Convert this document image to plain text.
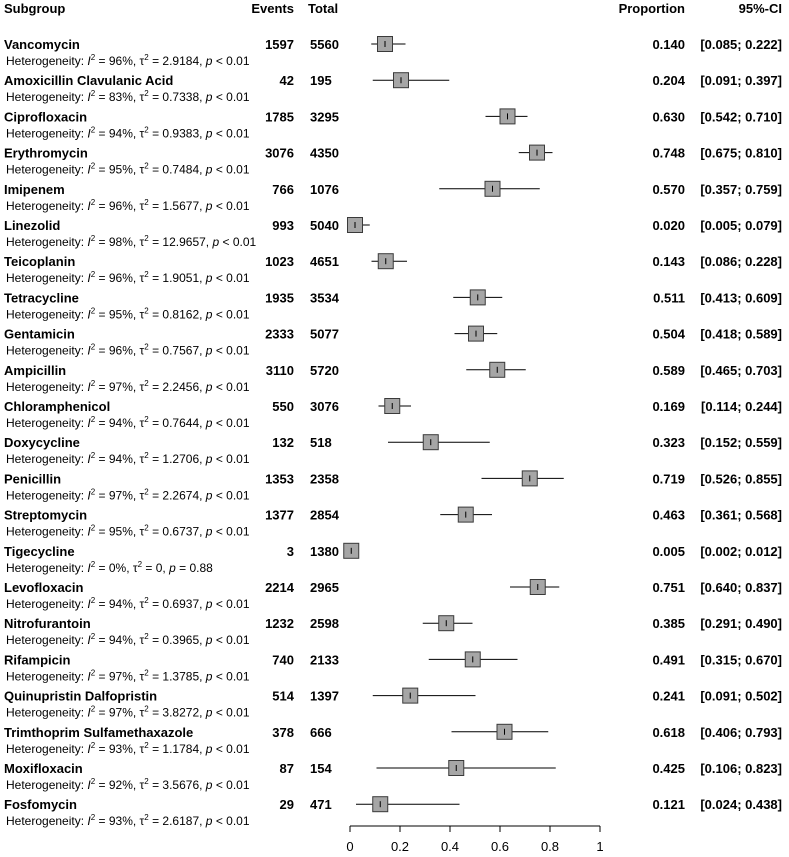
Subgroup	Events Total	Proportion	95%-CI
Vancomycin	1597 5560	0.140 [0.085; 0.222]
Heterogeneity: $I^2 = 96\%$, $\tau^2 = 2.9184$, p < 0.01
Amoxicillin Clavulanic Acid	42 195	0.204 [0.091; 0.397]
Heterogeneity: $I^2 = 83\%$, $\tau^2 = 0.7338$, p < 0.01
Ciprofloxacin	1785 3295	0.630 [0.542; 0.710]
Heterogeneity: $I^2 = 94\%$, $\tau^2 = 0.9383$, p < 0.01
Erythromycin	3076 4350	0.748 [0.675; 0.810]
Heterogeneity: $I^2 = 95\%$, $\tau^2 = 0.7484$, p < 0.01
Imipenem	766 1076	0.570 [0.357; 0.759]
Heterogeneity: $I^2 = 96\%$, $\tau^2 = 1.5677$, p < 0.01
Linezolid	993 5040	0.020 [0.005; 0.079]
Heterogeneity: $I^2 = 98\%$, $\tau^2 = 12.9657$, p < 0.01
Teicoplanin	1023 4651	0.143 [0.086; 0.228]
Heterogeneity: $I^2 = 96\%$, $\tau^2 = 1.9051$, p < 0.01
Tetracycline	1935 3534	0.511 [0.413; 0.609]
Heterogeneity: $I^2 = 95\%$, $\tau^2 = 0.8162$, p < 0.01
Gentamicin	2333 5077	0.504 [0.418; 0.589]
Heterogeneity: $I^2 = 96\%$, $\tau^2 = 0.7567$, p < 0.01
Ampicillin	3110 5720	0.589 [0.465; 0.703]
Heterogeneity: $I^2 = 97\%$, $\tau^2 = 2.2456$, p < 0.01
Chloramphenicol	550 3076	0.169 [0.114; 0.244]
Heterogeneity: $I^2 = 94\%$, $\tau^2 = 0.7644$, p < 0.01
Doxycycline	132 518	0.323 [0.152; 0.559]
Heterogeneity: $I^2 = 94\%$, $\tau^2 = 1.2706$, p < 0.01
Penicillin	1353 2358	0.719 [0.526; 0.855]
Heterogeneity: $I^2 = 97\%$, $\tau^2 = 2.2674$, p < 0.01
Streptomycin	1377 2854	0.463 [0.361; 0.568]
Heterogeneity: $I^2 = 95\%$, $\tau^2 = 0.6737$, p < 0.01
Tigecycline	3 1380	0.005 [0.002; 0.012]
Heterogeneity: $I^2 = 0\%$, $\tau^2 = 0$, p = 0.88
Levofloxacin	2214 2965	0.751 [0.640; 0.837]
Heterogeneity: $I^2 = 94\%$, $\tau^2 = 0.6937$, p < 0.01
Nitrofurantoin	1232 2598	0.385 [0.291; 0.490]
Heterogeneity: $I^2 = 94\%$, $\tau^2 = 0.3965$, p < 0.01
Rifampicin	740 2133	0.491 [0.315; 0.670]
Heterogeneity: $I^2 = 97\%$, $\tau^2 = 1.3785$, p < 0.01
Quinupristin Dalfopristin	514 1397	0.241 [0.091; 0.502]
Heterogeneity: $I^2 = 97\%$, $\tau^2 = 3.8272$, p < 0.01
Trimthoprim Sulfamethaxazole	378 666	0.618 [0.406; 0.793]
Heterogeneity: $I^2 = 93\%$, $\tau^2 = 1.1784$, p < 0.01
Moxifloxacin	87 154	0.425 [0.106; 0.823]
Heterogeneity: $I^2 = 92\%$, $\tau^2 = 3.5676$, p < 0.01
Fosfomycin	29 471	0.121 [0.024; 0.438]
Heterogeneity: $I^2 = 93\%$, $\tau^2 = 2.6187$, p < 0.01
0	0.2 0.4 0.6 0.8	1
